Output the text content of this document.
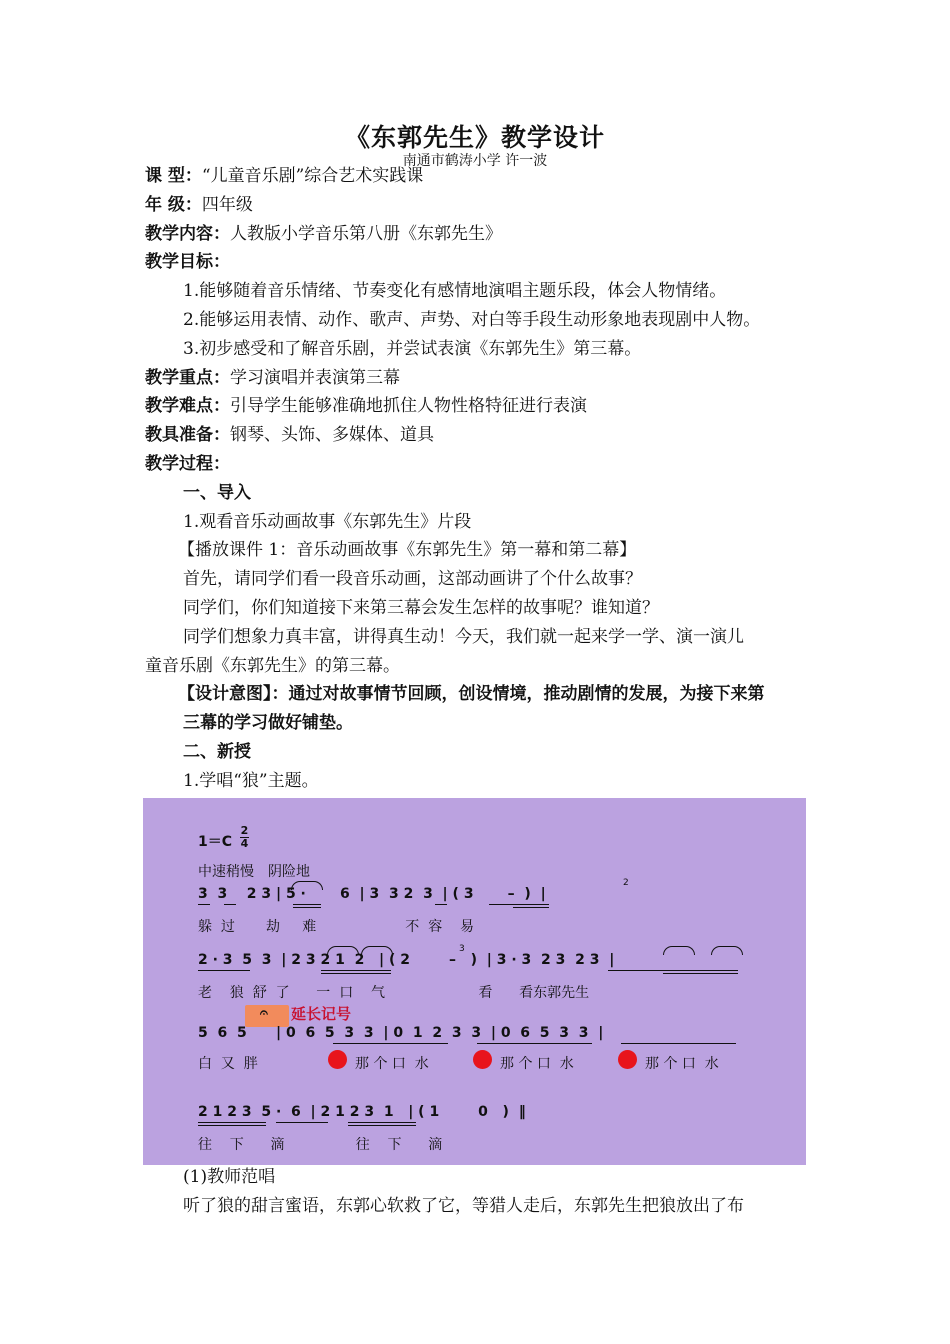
《东郭先生》教学设计
南通市鹤涛小学 许一波
课 型：“儿童音乐剧”综合艺术实践课
年 级：四年级
教学内容：人教版小学音乐第八册《东郭先生》
教学目标：
1.能够随着音乐情绪、节奏变化有感情地演唱主题乐段，体会人物情绪。
2.能够运用表情、动作、歌声、声势、对白等手段生动形象地表现剧中人物。
3.初步感受和了解音乐剧，并尝试表演《东郭先生》第三幕。
教学重点：学习演唱并表演第三幕
教学难点：引导学生能够准确地抓住人物性格特征进行表演
教具准备：钢琴、头饰、多媒体、道具
教学过程：
一、导入
1.观看音乐动画故事《东郭先生》片段
【播放课件 1：音乐动画故事《东郭先生》第一幕和第二幕】
首先，请同学们看一段音乐动画，这部动画讲了个什么故事？
同学们，你们知道接下来第三幕会发生怎样的故事呢？谁知道？
同学们想象力真丰富，讲得真生动！今天，我们就一起来学一学、演一演儿
童音乐剧《东郭先生》的第三幕。
【设计意图】：通过对故事情节回顾，创设情境，推动剧情的发展，为接下来第
三幕的学习做好铺垫。
二、新授
1.学唱“狼”主题。
1＝C
2
4
中速稍慢　阴险地
3  3    2 3 | 5 ·       6  | 3  3 2  3  | ( 3       –  )  |
2
躲  过       劫     难                    不  容    易
2 · 3  5  3  | 2 3 2 1  2   | ( 2        –   )  | 3 · 3  2 3  2 3  |
3
老    狼  舒  了      一  口    气                     看      看东郭先生
𝄐 延长记号
5  6  5      | 0  6  5  3  3  | 0  1  2  3  3  | 0  6  5  3  3  |
白  又  胖	那 个 口  水	那 个 口  水	那 个 口  水
2 1 2 3  5 ·  6  | 2 1 2 3  1   | ( 1        0   )  ‖
往    下      滴                往    下      滴
(1)教师范唱
听了狼的甜言蜜语，东郭心软救了它，等猎人走后，东郭先生把狼放出了布
